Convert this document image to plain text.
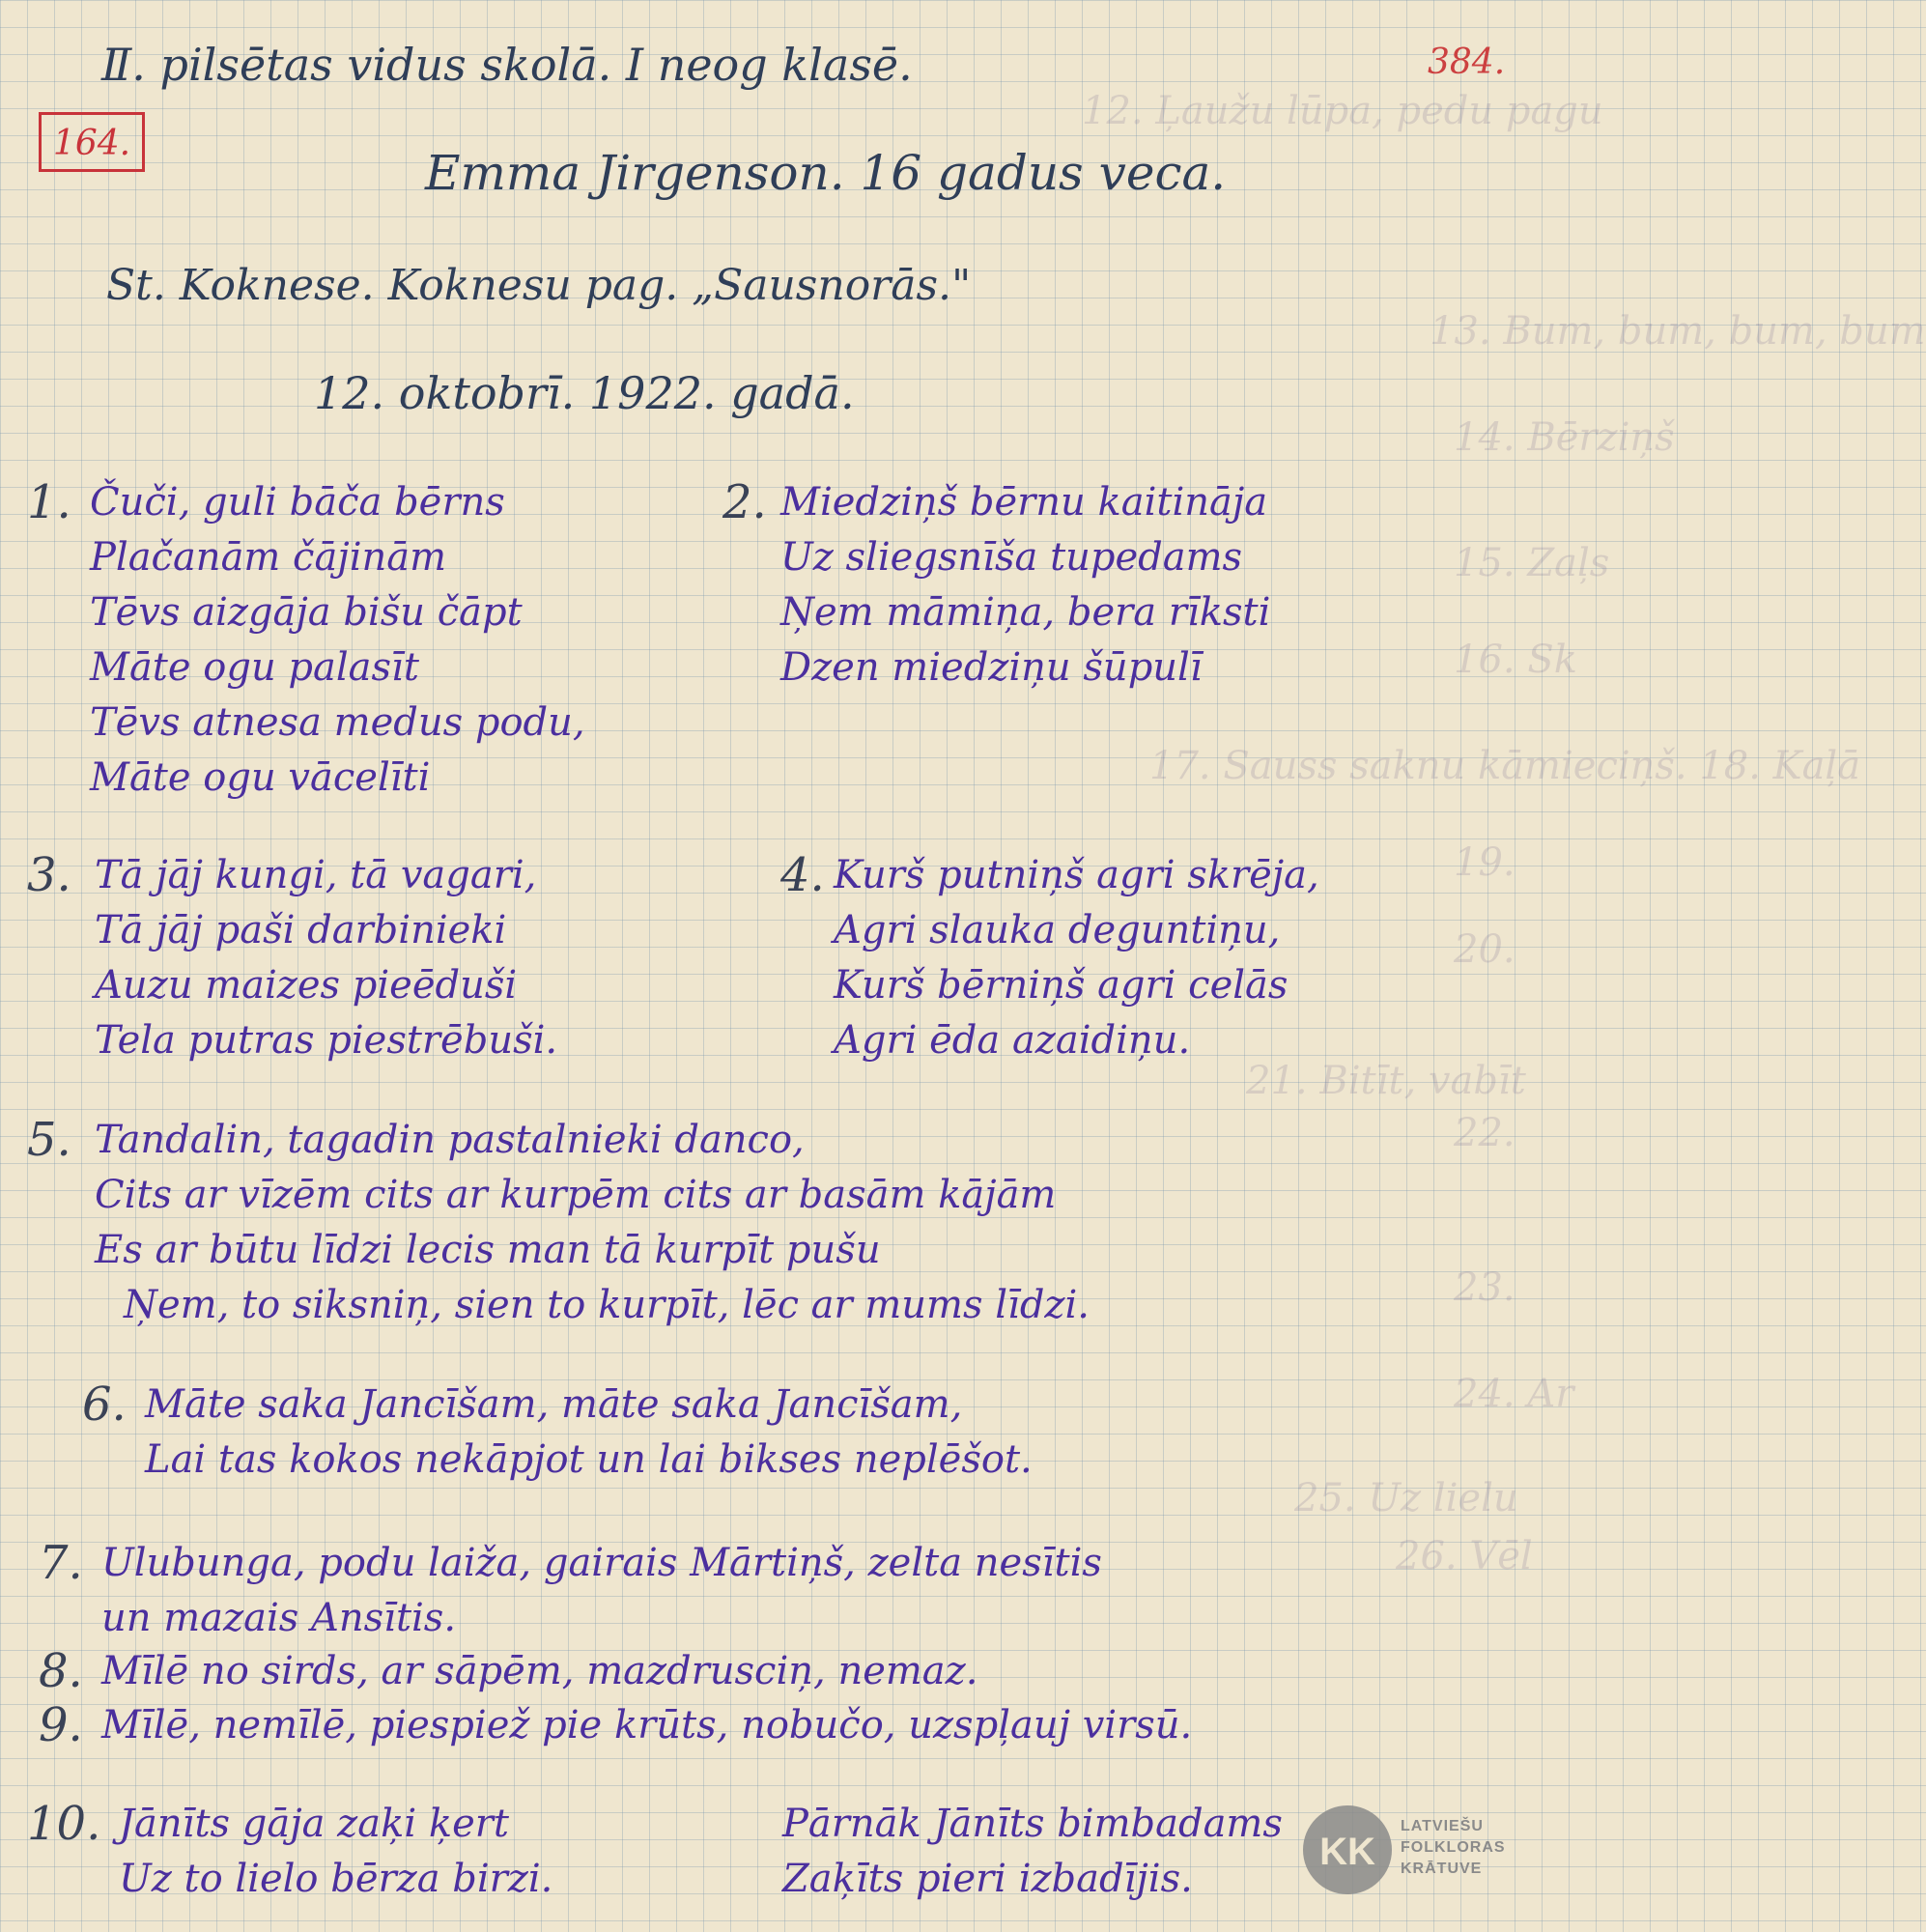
12. Ļaužu lūpa, pedu pagu
13. Bum, bum, bum, bum
14. Bērziņš
15. Zaļs
16. Sk
17. Sauss saknu kāmieciņš. 18. Kaļā
19.
20.
21. Bitīt, vabīt
22.
23.
24. Ar
25. Uz lielu
26. Vēl
Ⅱ. pilsētas vidus skolā. Ⅰ neog klasē.	384.
164.
Emma Jirgenson. 16 gadus veca.
St. Koknese. Koknesu pag. „Sausnorās."
12. oktobrī. 1922. gadā.
1. Čuči, guli bāča bērns
Plačanām čājinām
Tēvs aizgāja bišu čāpt
Māte ogu palasīt
Tēvs atnesa medus podu,
Māte ogu vācelīti
2. Miedziņš bērnu kaitināja
Uz sliegsnīša tupedams
Ņem māmiņa, bera rīksti
Dzen miedziņu šūpulī
3. Tā jāj kungi, tā vagari,
Tā jāj paši darbinieki
Auzu maizes pieēduši
Tela putras piestrēbuši.
4. Kurš putniņš agri skrēja,
Agri slauka deguntiņu,
Kurš bērniņš agri celās
Agri ēda azaidiņu.
5. Tandalin, tagadin pastalnieki danco,
Cits ar vīzēm cits ar kurpēm cits ar basām kājām
Es ar būtu līdzi lecis man tā kurpīt pušu
Ņem, to siksniņ, sien to kurpīt, lēc ar mums līdzi.
6. Māte saka Jancīšam, māte saka Jancīšam,
Lai tas kokos nekāpjot un lai bikses neplēšot.
7. Ulubunga, podu laiža, gairais Mārtiņš, zelta nesītis
un mazais Ansītis.
8. Mīlē no sirds, ar sāpēm, mazdrusciņ, nemaz.
9. Mīlē, nemīlē, piespiež pie krūts, nobučo, uzspļauj virsū.
10. Jānīts gāja zaķi ķert
Uz to lielo bērza birzi.
Pārnāk Jānīts bimbadams
Zaķīts pieri izbadījis.
KK
LATVIEŠU
FOLKLORAS
KRĀTUVE
